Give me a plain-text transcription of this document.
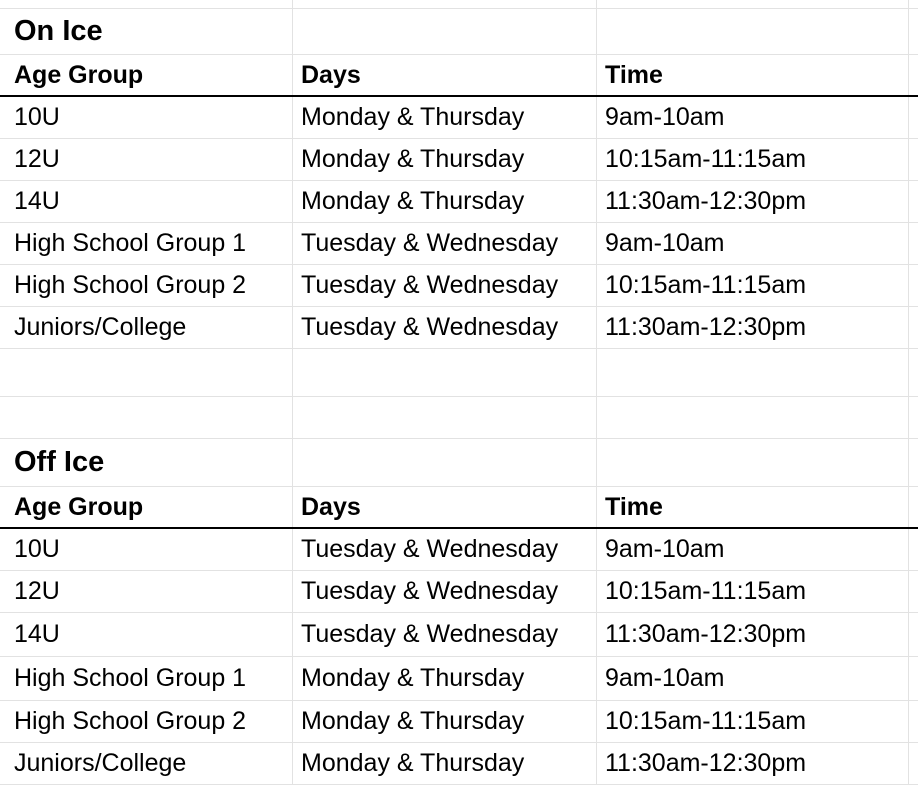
On Ice
Age Group	Days	Time
10U	Monday & Thursday	9am-10am
12U	Monday & Thursday	10:15am-11:15am
14U	Monday & Thursday	11:30am-12:30pm
High School Group 1	Tuesday & Wednesday	9am-10am
High School Group 2	Tuesday & Wednesday	10:15am-11:15am
Juniors/College	Tuesday & Wednesday	11:30am-12:30pm
Off Ice
Age Group	Days	Time
10U	Tuesday & Wednesday	9am-10am
12U	Tuesday & Wednesday	10:15am-11:15am
14U	Tuesday & Wednesday	11:30am-12:30pm
High School Group 1	Monday & Thursday	9am-10am
High School Group 2	Monday & Thursday	10:15am-11:15am
Juniors/College	Monday & Thursday	11:30am-12:30pm
